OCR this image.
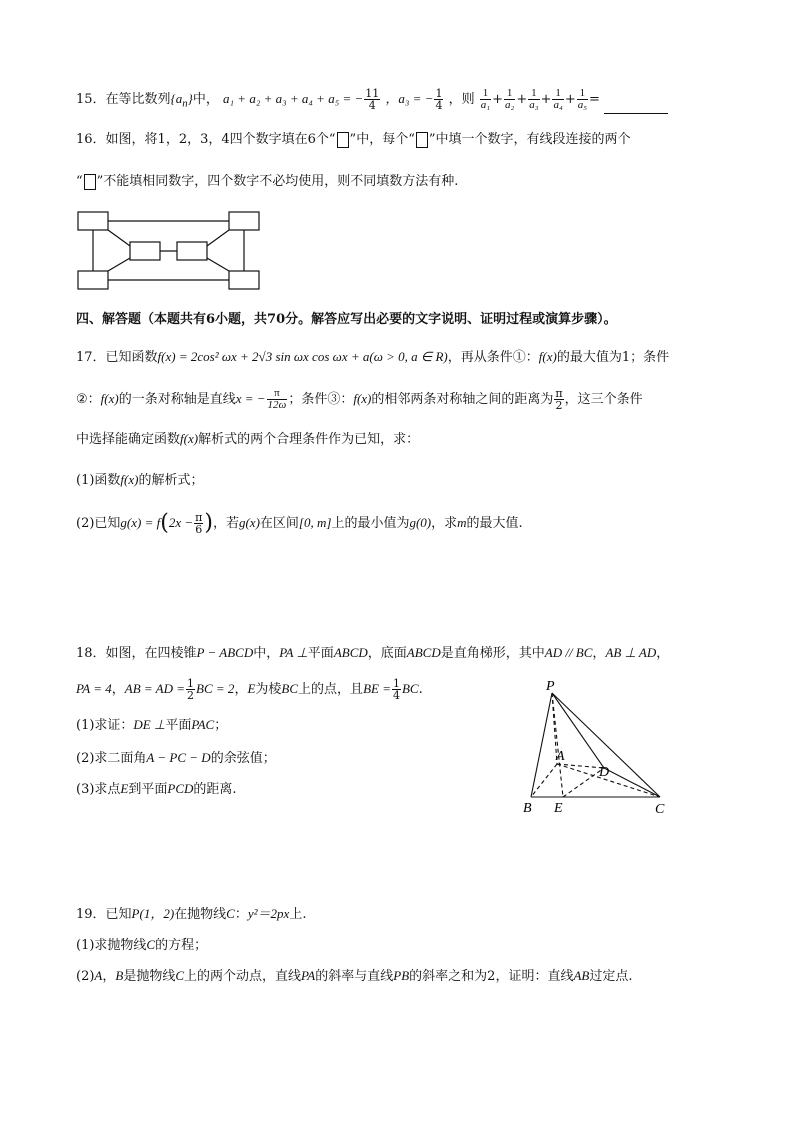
15．在等比数列$\{a_n\}$中， a₁ + a₂ + a₃ + a₄ + a₅ = − $\frac{11}{4}$ ，a₃ = − $\frac{1}{4}$ ，则 $\frac{1}{\text{a₁}} + \frac{1}{\text{a₂}} + \frac{1}{\text{a₃}} + \frac{1}{\text{a₄}} + \frac{1}{\text{a₅}}$ =
16．如图，将1，2，3，4四个数字填在6个“ ”中，每个“ ”中填一个数字，有线段连接的两个
“ ”不能填相同数字，四个数字不必均使用，则不同填数方法有种.
四、解答题（本题共有6小题，共70分。解答应写出必要的文字说明、证明过程或演算步骤）。
17．已知函数f(x) = 2cos² ωx + 2√3 sin ωx cos ωx + a(ω > 0, a ∈ R)，再从条件①：f(x)的最大值为1；条件
②：f(x)的一条对称轴是直线x = − $\frac{\pi}{12\omega}$ ；条件③：f(x)的相邻两条对称轴之间的距离为 $\frac{\pi}{2}$ ，这三个条件
中选择能确定函数f(x)解析式的两个合理条件作为已知，求：
(1)函数f(x)的解析式；
(2)已知$g(x) = f(2x - \frac{\pi}{6}$ )，若g(x)在区间[0, m]上的最小值为g(0)，求m的最大值.
18．如图，在四棱锥P − ABCD中，PA ⊥平面ABCD，底面ABCD是直角梯形，其中AD // BC，AB ⊥ AD，
PA = 4，AB = AD = $\frac{1}{2}$ BC = 2，E为棱BC上的点，且BE = $\frac{1}{4}$ BC.
(1)求证：DE ⊥平面PAC；
(2)求二面角A − PC − D的余弦值；
(3)求点E到平面PCD的距离.
P
A
D
B E	C
19．已知P(1，2)在抛物线C：y²＝2px上.
(1)求抛物线C的方程；
(2)A，B是抛物线C上的两个动点，直线PA的斜率与直线PB的斜率之和为2，证明：直线AB过定点.
